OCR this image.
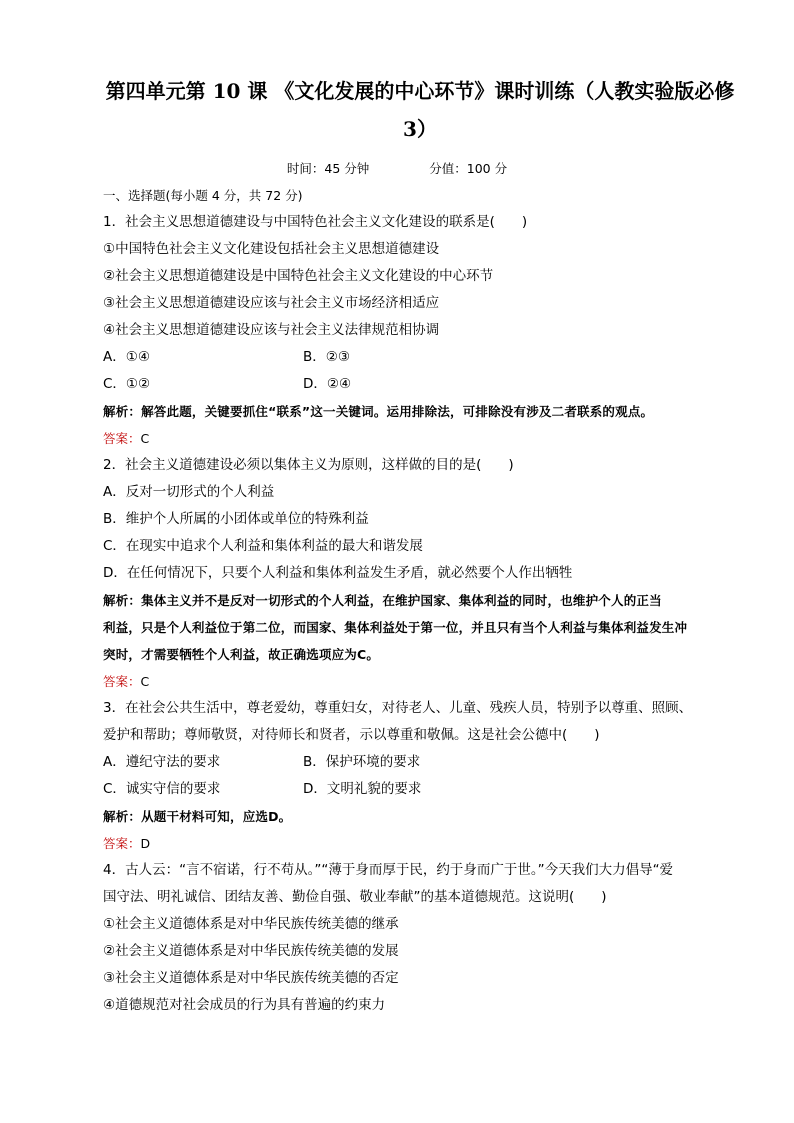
第四单元第 10 课 《文化发展的中心环节》课时训练（人教实验版必修 3）
时间：45 分钟	分值：100 分
一、选择题(每小题 4 分，共 72 分)
1．社会主义思想道德建设与中国特色社会主义文化建设的联系是(　　)
①中国特色社会主义文化建设包括社会主义思想道德建设
②社会主义思想道德建设是中国特色社会主义文化建设的中心环节
③社会主义思想道德建设应该与社会主义市场经济相适应
④社会主义思想道德建设应该与社会主义法律规范相协调
A．①④	B．②③
C．①②	D．②④
解析：解答此题，关键要抓住“联系”这一关键词。运用排除法，可排除没有涉及二者联系的观点。
答案：C
2．社会主义道德建设必须以集体主义为原则，这样做的目的是(　　)
A．反对一切形式的个人利益
B．维护个人所属的小团体或单位的特殊利益
C．在现实中追求个人利益和集体利益的最大和谐发展
D．在任何情况下，只要个人利益和集体利益发生矛盾，就必然要个人作出牺牲
解析：集体主义并不是反对一切形式的个人利益，在维护国家、集体利益的同时，也维护个人的正当
利益，只是个人利益位于第二位，而国家、集体利益处于第一位，并且只有当个人利益与集体利益发生冲
突时，才需要牺牲个人利益，故正确选项应为C。
答案：C
3．在社会公共生活中，尊老爱幼，尊重妇女，对待老人、儿童、残疾人员，特别予以尊重、照顾、
爱护和帮助；尊师敬贤，对待师长和贤者，示以尊重和敬佩。这是社会公德中(　　)
A．遵纪守法的要求	B．保护环境的要求
C．诚实守信的要求	D．文明礼貌的要求
解析：从题干材料可知，应选D。
答案：D
4．古人云：“言不宿诺，行不苟从。”“薄于身而厚于民，约于身而广于世。”今天我们大力倡导“爱
国守法、明礼诚信、团结友善、勤俭自强、敬业奉献”的基本道德规范。这说明(　　)
①社会主义道德体系是对中华民族传统美德的继承
②社会主义道德体系是对中华民族传统美德的发展
③社会主义道德体系是对中华民族传统美德的否定
④道德规范对社会成员的行为具有普遍的约束力
